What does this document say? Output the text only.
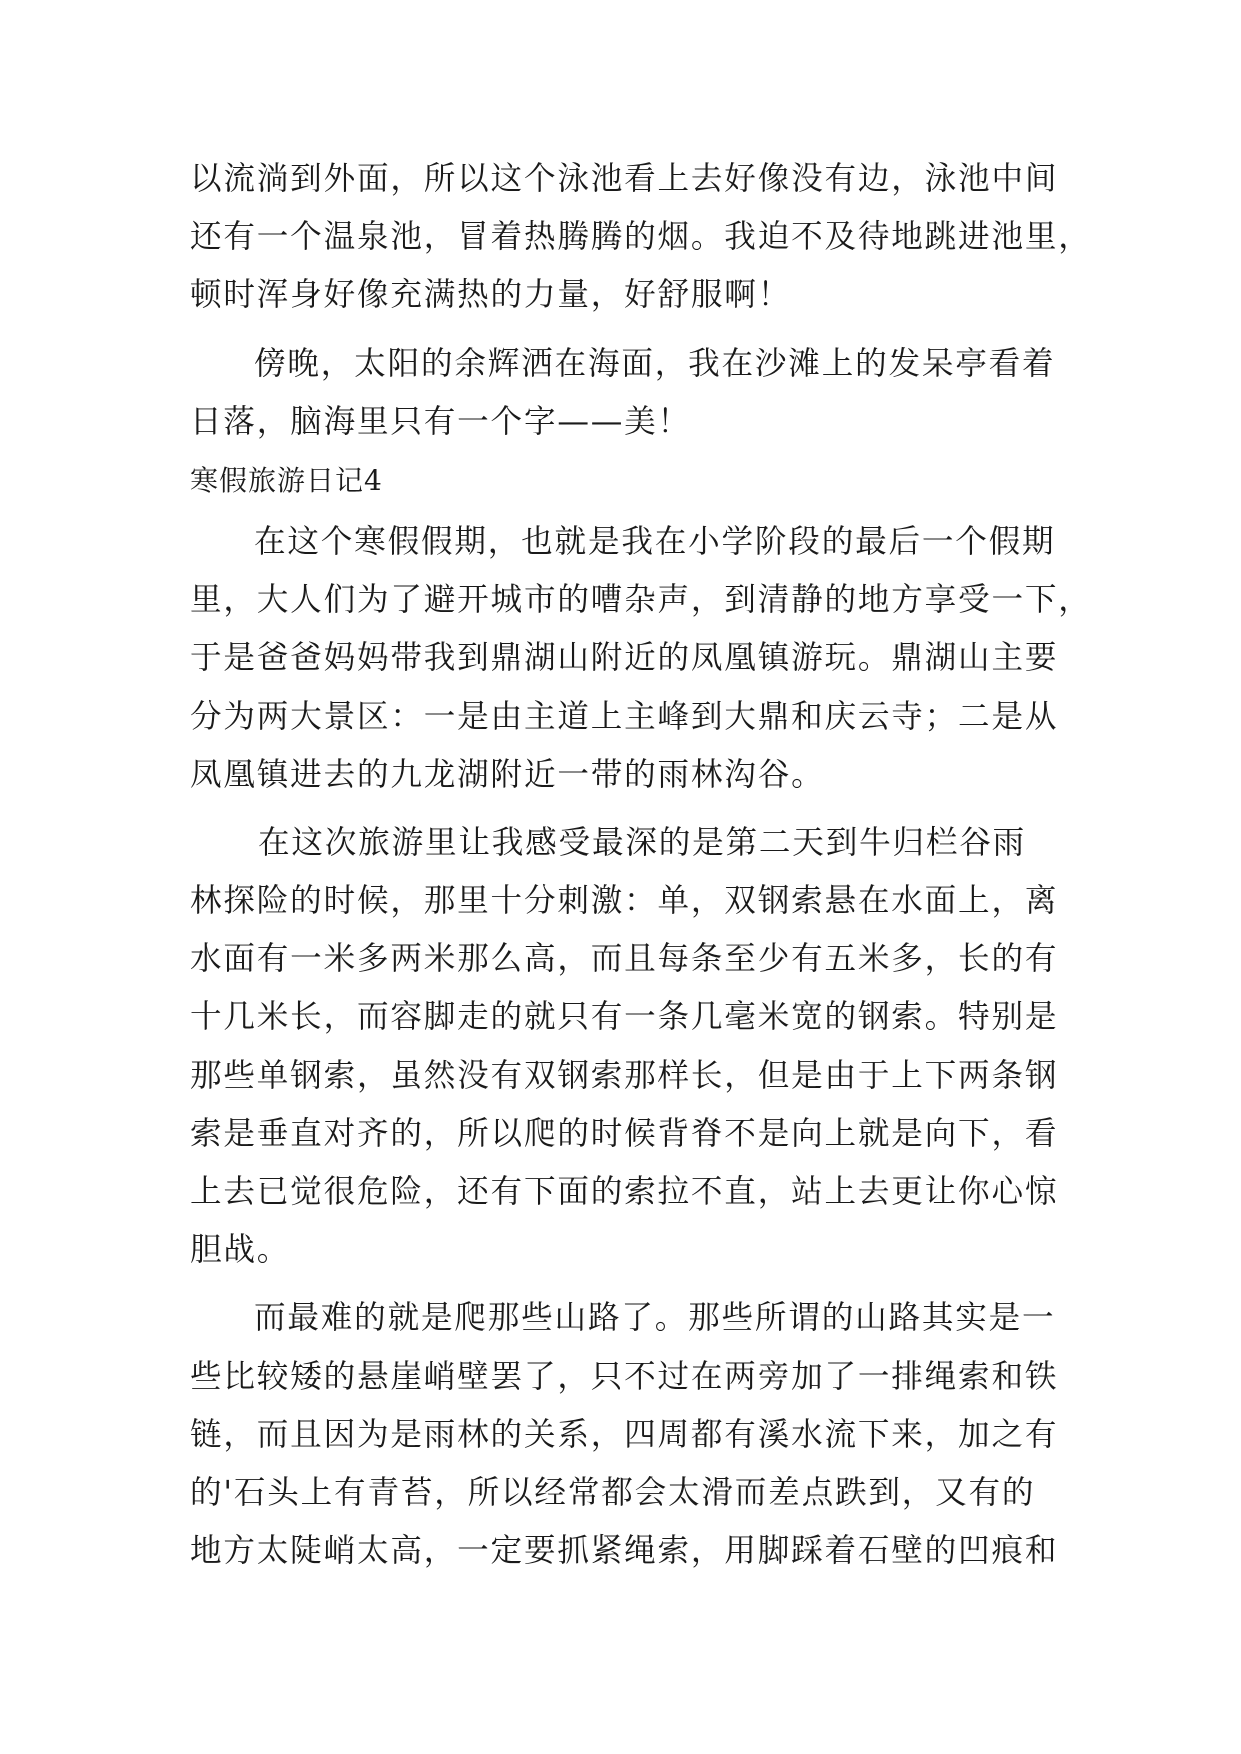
以流淌到外面，所以这个泳池看上去好像没有边，泳池中间
还有一个温泉池，冒着热腾腾的烟。我迫不及待地跳进池里，
顿时浑身好像充满热的力量，好舒服啊！
傍晚，太阳的余辉洒在海面，我在沙滩上的发呆亭看着
日落，脑海里只有一个字——美！
寒假旅游日记4
在这个寒假假期，也就是我在小学阶段的最后一个假期
里，大人们为了避开城市的嘈杂声，到清静的地方享受一下，
于是爸爸妈妈带我到鼎湖山附近的凤凰镇游玩。鼎湖山主要
分为两大景区：一是由主道上主峰到大鼎和庆云寺；二是从
凤凰镇进去的九龙湖附近一带的雨林沟谷。
在这次旅游里让我感受最深的是第二天到牛归栏谷雨
林探险的时候，那里十分刺激：单，双钢索悬在水面上，离
水面有一米多两米那么高，而且每条至少有五米多，长的有
十几米长，而容脚走的就只有一条几毫米宽的钢索。特别是
那些单钢索，虽然没有双钢索那样长，但是由于上下两条钢
索是垂直对齐的，所以爬的时候背脊不是向上就是向下，看
上去已觉很危险，还有下面的索拉不直，站上去更让你心惊
胆战。
而最难的就是爬那些山路了。那些所谓的山路其实是一
些比较矮的悬崖峭壁罢了，只不过在两旁加了一排绳索和铁
链，而且因为是雨林的关系，四周都有溪水流下来，加之有
的'石头上有青苔，所以经常都会太滑而差点跌到，又有的
地方太陡峭太高，一定要抓紧绳索，用脚踩着石壁的凹痕和
